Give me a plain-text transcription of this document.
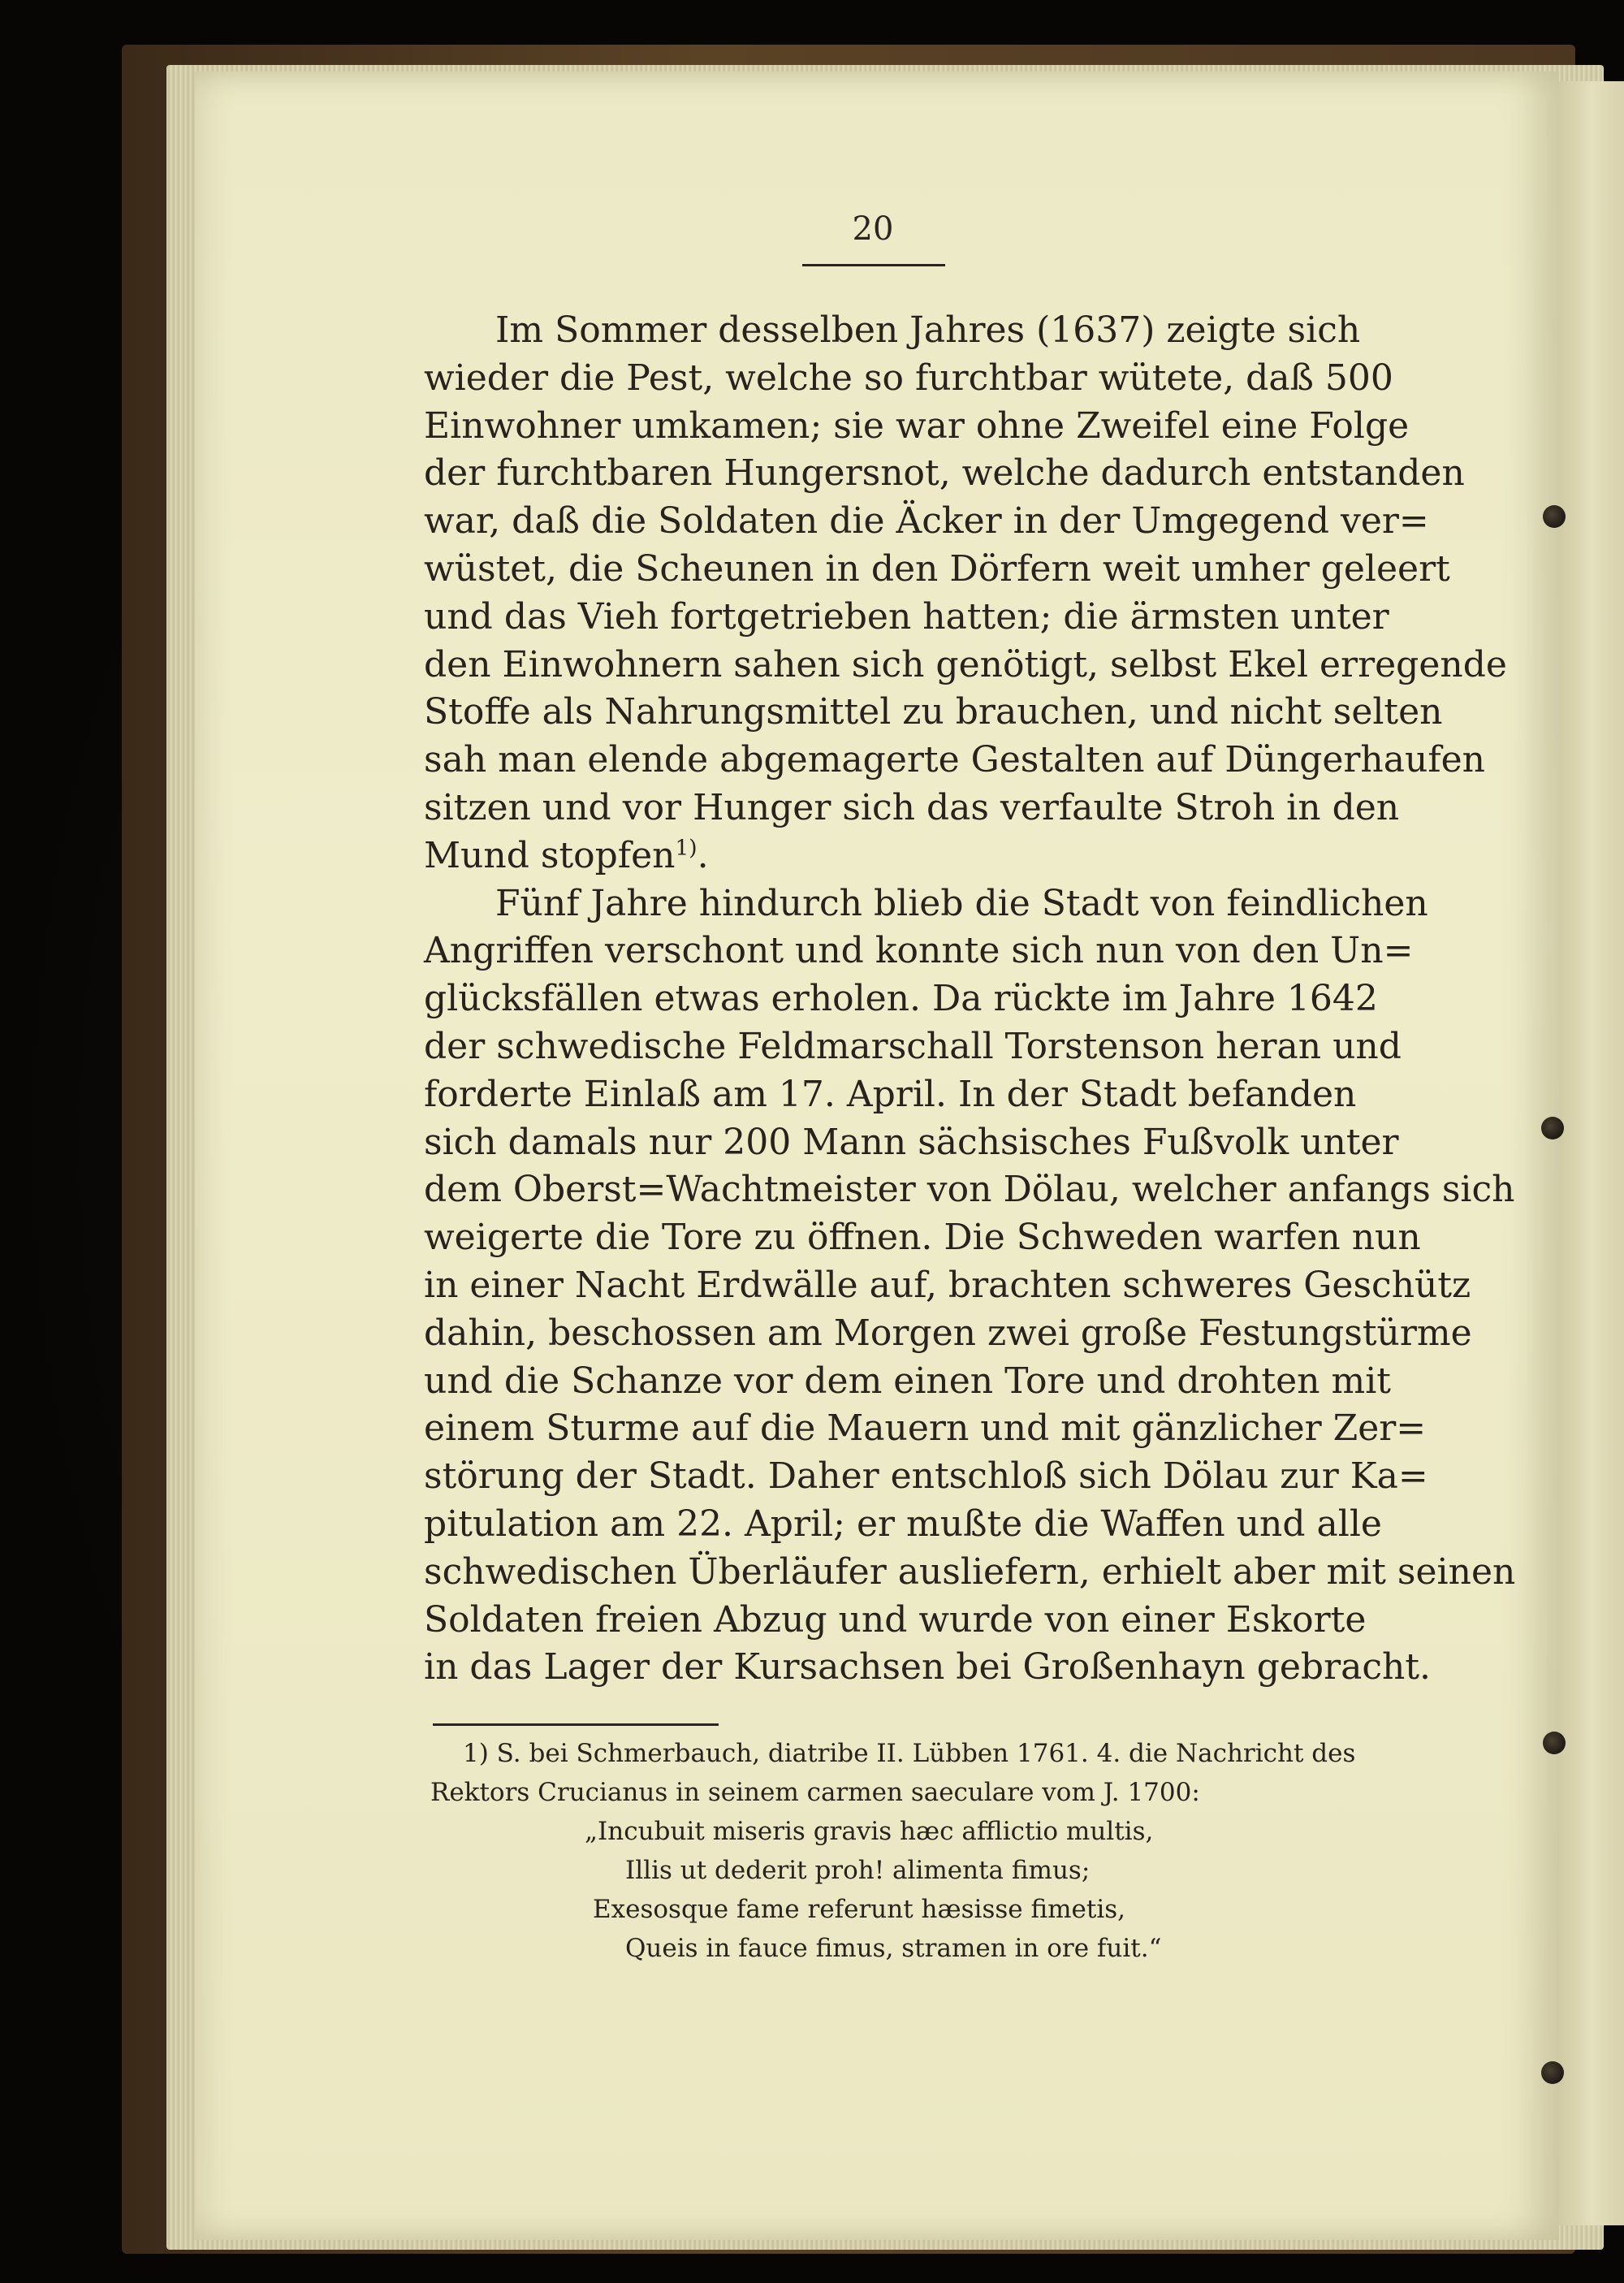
20
Im Sommer desselben Jahres (1637) zeigte sich
wieder die Pest, welche so furchtbar wütete, daß 500
Einwohner umkamen; sie war ohne Zweifel eine Folge
der furchtbaren Hungersnot, welche dadurch entstanden
war, daß die Soldaten die Äcker in der Umgegend ver=
wüstet, die Scheunen in den Dörfern weit umher geleert
und das Vieh fortgetrieben hatten; die ärmsten unter
den Einwohnern sahen sich genötigt, selbst Ekel erregende
Stoffe als Nahrungsmittel zu brauchen, und nicht selten
sah man elende abgemagerte Gestalten auf Düngerhaufen
sitzen und vor Hunger sich das verfaulte Stroh in den
Mund stopfen$^{1)}$.
Fünf Jahre hindurch blieb die Stadt von feindlichen
Angriffen verschont und konnte sich nun von den Un=
glücksfällen etwas erholen. Da rückte im Jahre 1642
der schwedische Feldmarschall Torstenson heran und
forderte Einlaß am 17. April. In der Stadt befanden
sich damals nur 200 Mann sächsisches Fußvolk unter
dem Oberst=Wachtmeister von Dölau, welcher anfangs sich
weigerte die Tore zu öffnen. Die Schweden warfen nun
in einer Nacht Erdwälle auf, brachten schweres Geschütz
dahin, beschossen am Morgen zwei große Festungstürme
und die Schanze vor dem einen Tore und drohten mit
einem Sturme auf die Mauern und mit gänzlicher Zer=
störung der Stadt. Daher entschloß sich Dölau zur Ka=
pitulation am 22. April; er mußte die Waffen und alle
schwedischen Überläufer ausliefern, erhielt aber mit seinen
Soldaten freien Abzug und wurde von einer Eskorte
in das Lager der Kursachsen bei Großenhayn gebracht.
1) S. bei Schmerbauch, diatribe II. Lübben 1761. 4. die Nachricht des
Rektors Crucianus in seinem carmen saeculare vom J. 1700:
„Incubuit miseris gravis hæc afflictio multis,
Illis ut dederit proh! alimenta fimus;
Exesosque fame referunt hæsisse fimetis,
Queis in fauce fimus, stramen in ore fuit.“
